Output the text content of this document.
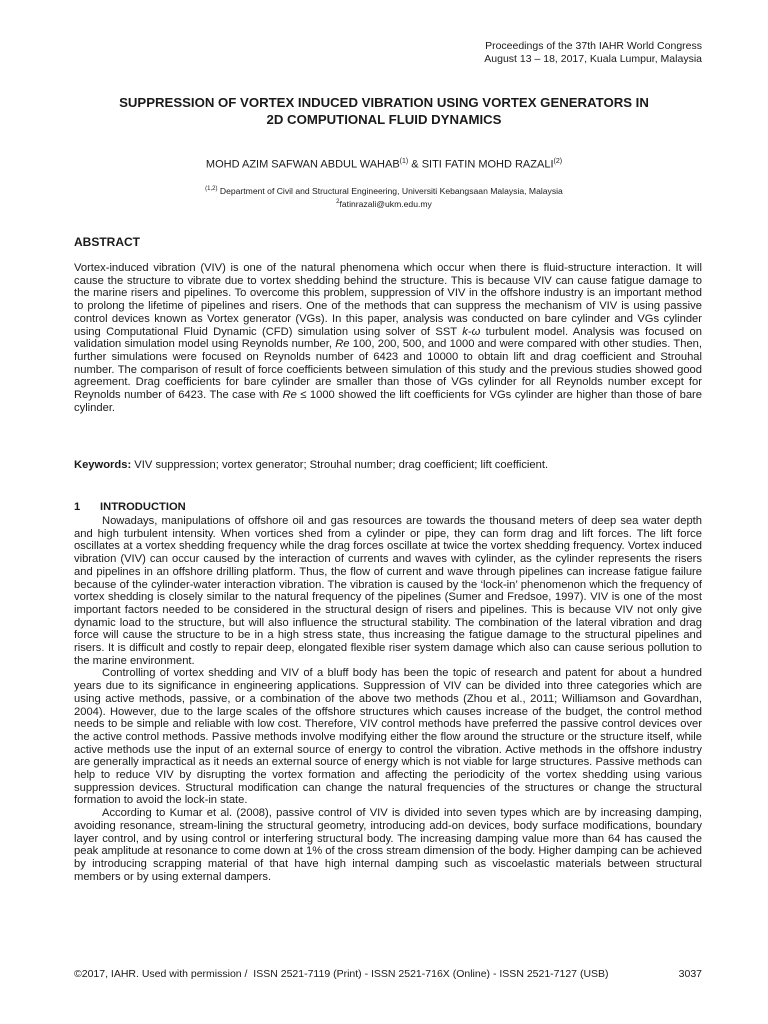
Proceedings of the 37th IAHR World Congress
August 13 – 18, 2017, Kuala Lumpur, Malaysia
SUPPRESSION OF VORTEX INDUCED VIBRATION USING VORTEX GENERATORS IN
2D COMPUTIONAL FLUID DYNAMICS
MOHD AZIM SAFWAN ABDUL WAHAB$^{(1)}$ & SITI FATIN MOHD RAZALI$^{(2)}$
$^{(1,2)}$ Department of Civil and Structural Engineering, Universiti Kebangsaan Malaysia, Malaysia
$^2$fatinrazali@ukm.edu.my
ABSTRACT
Vortex-induced vibration (VIV) is one of the natural phenomena which occur when there is fluid-structure interaction. It will cause the structure to vibrate due to vortex shedding behind the structure. This is because VIV can cause fatigue damage to the marine risers and pipelines. To overcome this problem, suppression of VIV in the offshore industry is an important method to prolong the lifetime of pipelines and risers. One of the methods that can suppress the mechanism of VIV is using passive control devices known as Vortex generator (VGs). In this paper, analysis was conducted on bare cylinder and VGs cylinder using Computational Fluid Dynamic (CFD) simulation using solver of SST k-ω turbulent model. Analysis was focused on validation simulation model using Reynolds number, Re 100, 200, 500, and 1000 and were compared with other studies. Then, further simulations were focused on Reynolds number of 6423 and 10000 to obtain lift and drag coefficient and Strouhal number. The comparison of result of force coefficients between simulation of this study and the previous studies showed good agreement. Drag coefficients for bare cylinder are smaller than those of VGs cylinder for all Reynolds number except for Reynolds number of 6423. The case with Re ≤ 1000 showed the lift coefficients for VGs cylinder are higher than those of bare cylinder.
Keywords: VIV suppression; vortex generator; Strouhal number; drag coefficient; lift coefficient.
1 INTRODUCTION

Nowadays, manipulations of offshore oil and gas resources are towards the thousand meters of deep sea water depth and high turbulent intensity. When vortices shed from a cylinder or pipe, they can form drag and lift forces. The lift force oscillates at a vortex shedding frequency while the drag forces oscillate at twice the vortex shedding frequency. Vortex induced vibration (VIV) can occur caused by the interaction of currents and waves with cylinder, as the cylinder represents the risers and pipelines in an offshore drilling platform. Thus, the flow of current and wave through pipelines can increase fatigue failure because of the cylinder-water interaction vibration. The vibration is caused by the ‘lock-in’ phenomenon which the frequency of vortex shedding is closely similar to the natural frequency of the pipelines (Sumer and Fredsoe, 1997). VIV is one of the most important factors needed to be considered in the structural design of risers and pipelines. This is because VIV not only give dynamic load to the structure, but will also influence the structural stability. The combination of the lateral vibration and drag force will cause the structure to be in a high stress state, thus increasing the fatigue damage to the structural pipelines and risers. It is difficult and costly to repair deep, elongated flexible riser system damage which also can cause serious pollution to the marine environment.

Controlling of vortex shedding and VIV of a bluff body has been the topic of research and patent for about a hundred years due to its significance in engineering applications. Suppression of VIV can be divided into three categories which are using active methods, passive, or a combination of the above two methods (Zhou et al., 2011; Williamson and Govardhan, 2004). However, due to the large scales of the offshore structures which causes increase of the budget, the control method needs to be simple and reliable with low cost. Therefore, VIV control methods have preferred the passive control devices over the active control methods. Passive methods involve modifying either the flow around the structure or the structure itself, while active methods use the input of an external source of energy to control the vibration. Active methods in the offshore industry are generally impractical as it needs an external source of energy which is not viable for large structures. Passive methods can help to reduce VIV by disrupting the vortex formation and affecting the periodicity of the vortex shedding using various suppression devices. Structural modification can change the natural frequencies of the structures or change the structural formation to avoid the lock-in state.

According to Kumar et al. (2008), passive control of VIV is divided into seven types which are by increasing damping, avoiding resonance, stream-lining the structural geometry, introducing add-on devices, body surface modifications, boundary layer control, and by using control or interfering structural body. The increasing damping value more than 64 has caused the peak amplitude at resonance to come down at 1% of the cross stream dimension of the body. Higher damping can be achieved by introducing scrapping material of that have high internal damping such as viscoelastic materials between structural members or by using external dampers.

©2017, IAHR. Used with permission /  ISSN 2521-7119 (Print) - ISSN 2521-716X (Online) - ISSN 2521-7127 (USB)	3037
